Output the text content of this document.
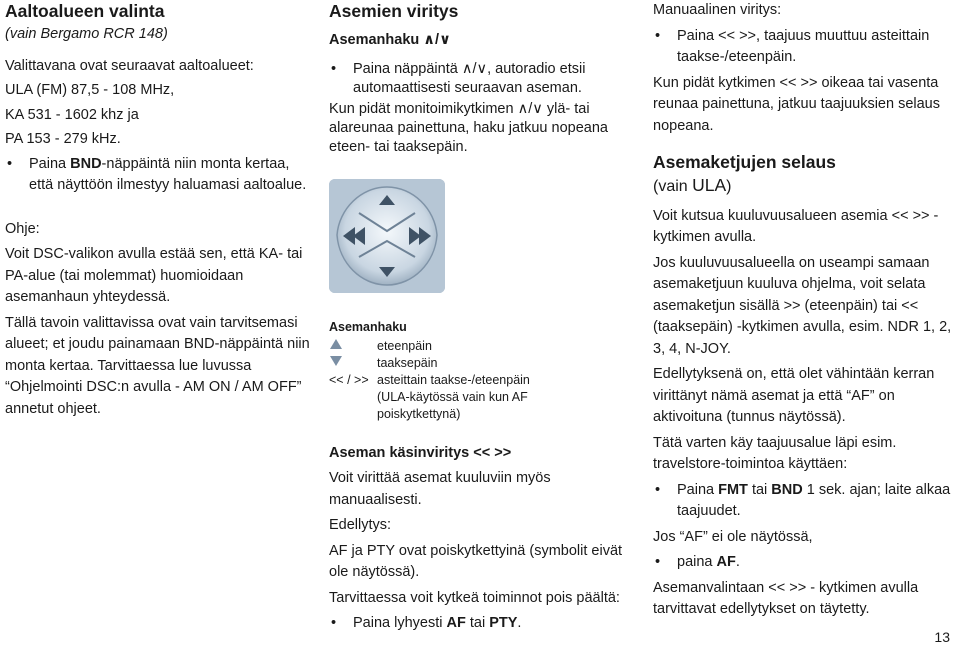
Aaltoalueen valinta
(vain Bergamo RCR 148)

Valittavana ovat seuraavat aaltoalueet:

ULA (FM) 87,5 - 108 MHz,

KA 531 - 1602 khz ja

PA 153 - 279 kHz.

• Paina BND-näppäintä niin monta kertaa, että näyttöön ilmestyy haluamasi aaltoalue.

Ohje:

Voit DSC-valikon avulla estää sen, että KA- tai PA-alue (tai molemmat) huomioidaan asemanhaun yhteydessä.

Tällä tavoin valittavissa ovat vain tarvitsemasi alueet; et joudu painamaan BND-näppäintä niin monta kertaa. Tarvittaessa lue luvussa “Ohjelmointi DSC:n avulla - AM ON / AM OFF” annetut ohjeet.

Asemien viritys
Asemanhaku ∧/∨
• Paina näppäintä ∧/∨, autoradio etsii automaattisesti seuraavan aseman.

Kun pidät monitoimikytkimen ∧/∨ ylä- tai alareunaa painettuna, haku jatkuu nopeana eteen- tai taaksepäin.

Asemanhaku
eteenpäin
taaksepäin
<< / >> asteittain taakse-/eteenpäin
(ULA-käytössä vain kun AF poiskytkettynä)
Aseman käsinviritys << >>

Voit virittää asemat kuuluviin myös manuaalisesti.

Edellytys:

AF ja PTY ovat poiskytkettyinä (symbolit eivät ole näytössä).

Tarvittaessa voit kytkeä toiminnot pois päältä:

• Paina lyhyesti AF tai PTY.

Manuaalinen viritys:

• Paina << >>, taajuus muuttuu asteittain taakse-/eteenpäin.

Kun pidät kytkimen << >> oikeaa tai vasenta reunaa painettuna, jatkuu taajuuksien selaus nopeana.

Asemaketjujen selaus
(vain ULA)

Voit kutsua kuuluvuusalueen asemia << >> - kytkimen avulla.

Jos kuuluvuusalueella on useampi samaan asemaketjuun kuuluva ohjelma, voit selata asemaketjun sisällä >> (eteenpäin) tai << (taaksepäin) -kytkimen avulla, esim. NDR 1, 2, 3, 4, N-JOY.

Edellytyksenä on, että olet vähintään kerran virittänyt nämä asemat ja että “AF” on aktivoituna (tunnus näytössä).

Tätä varten käy taajuusalue läpi esim. travelstore-toimintoa käyttäen:

• Paina FMT tai BND 1 sek. ajan; laite alkaa taajuudet.

Jos “AF” ei ole näytössä,

• paina AF.

Asemanvalintaan << >> - kytkimen avulla tarvittavat edellytykset on täytetty.

13
